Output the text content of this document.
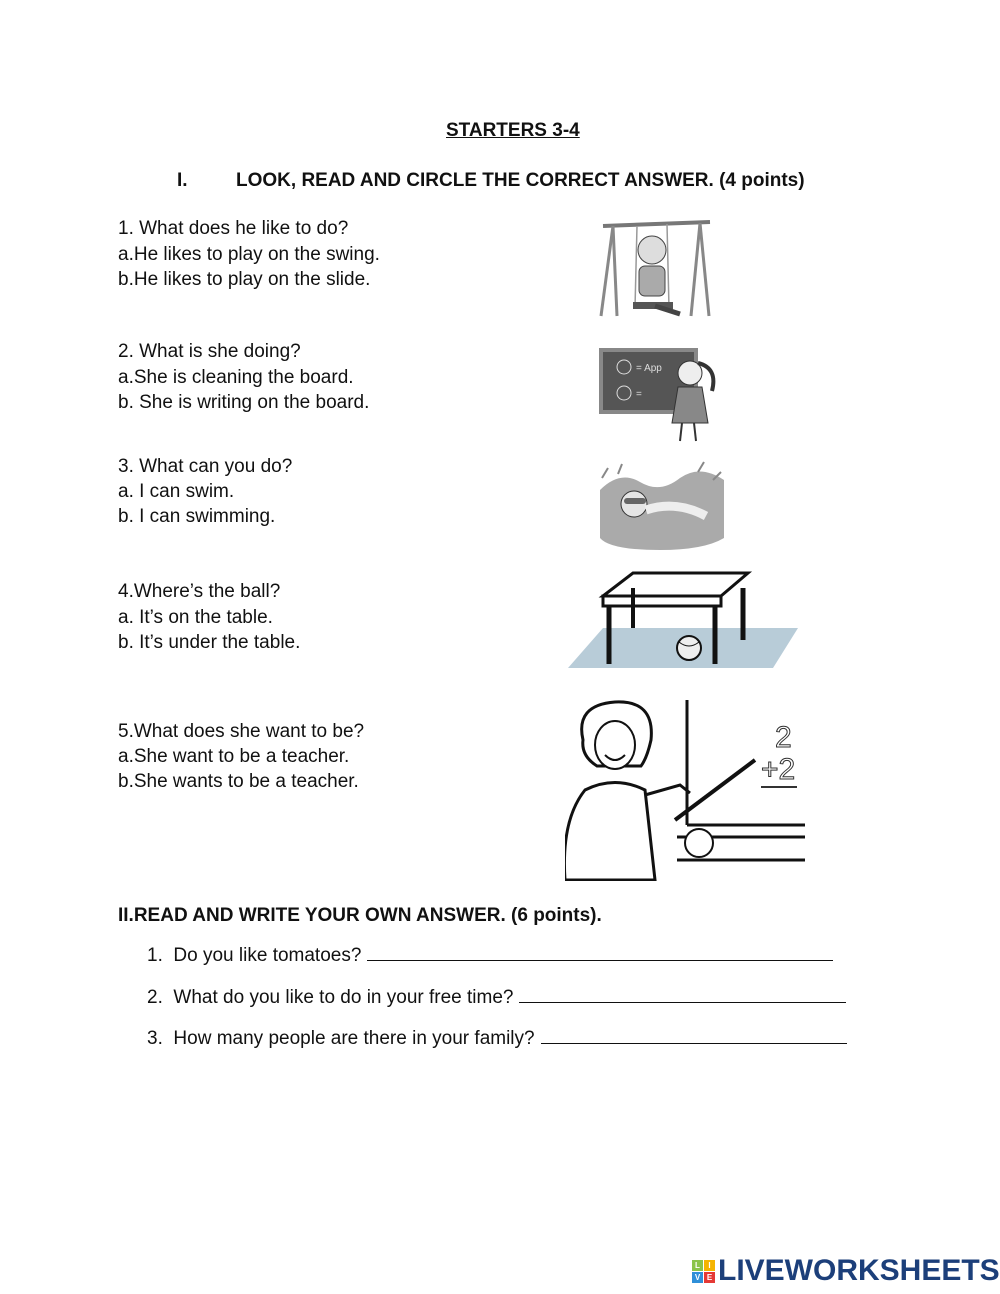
STARTERS 3-4
I.	LOOK, READ AND CIRCLE THE CORRECT ANSWER. (4 points)
1. What does he like to do?
a.He likes to play on the swing.
b.He likes to play on the slide.
2. What is she doing?
a.She is cleaning the board.
b. She is writing on the board.
3. What can you do?
a. I can swim.
b. I can swimming.
4.Where’s the ball?
a. It’s on the table.
b. It’s under the table.
5.What does she want to be?
a.She want to be a teacher.
b.She wants to be a teacher.
= App
=
2
+2
II.READ AND WRITE YOUR OWN ANSWER. (6 points).
1. Do you like tomatoes?
2. What do you like to do in your free time?
3. How many people are there in your family?
L	I
V E LIVEWORKSHEETS
